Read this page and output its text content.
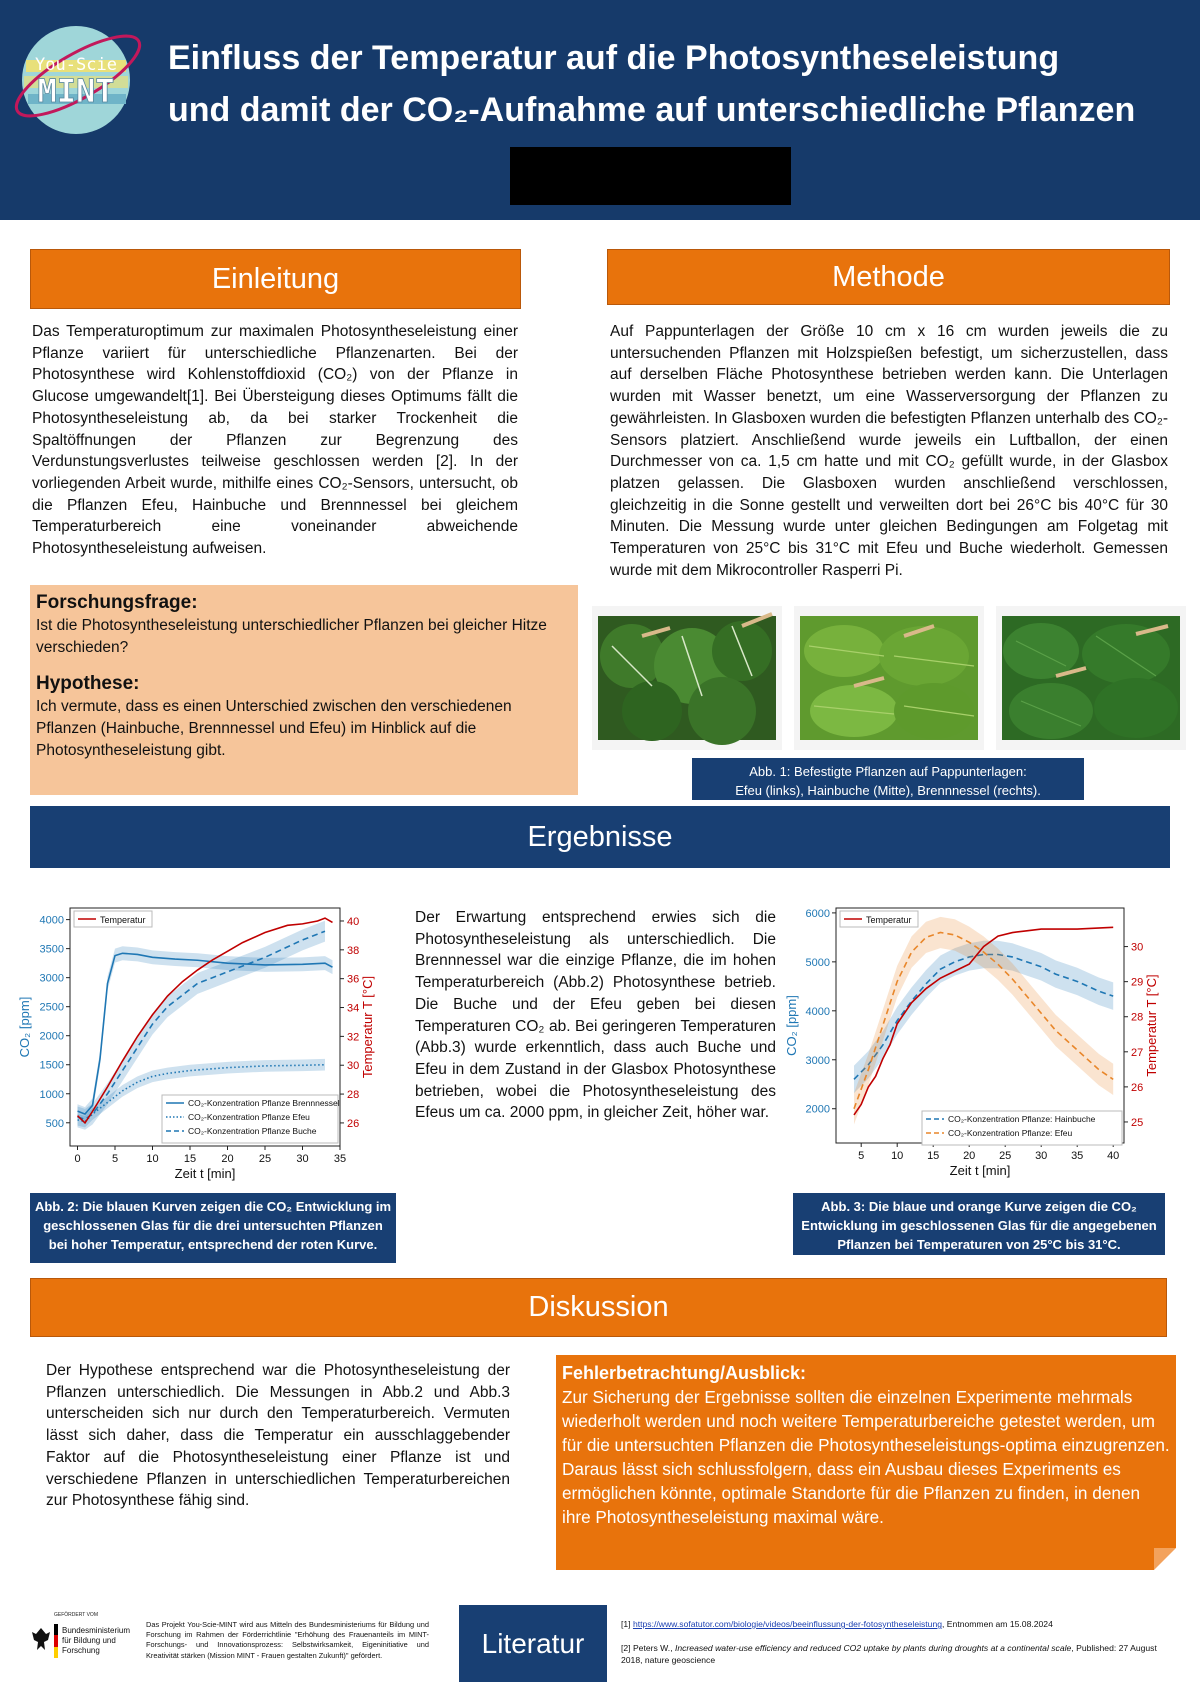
You-Scie
MINT
Einfluss der Temperatur auf die Photosyntheseleistung
und damit der CO₂-Aufnahme auf unterschiedliche Pflanzen
Einleitung
Das Temperaturoptimum zur maximalen Photosyntheseleistung einer Pflanze variiert für unterschiedliche Pflanzenarten. Bei der Photosynthese wird Kohlenstoffdioxid (CO₂) von der Pflanze in Glucose umgewandelt[1]. Bei Übersteigung dieses Optimums fällt die Photosyntheseleistung ab, da bei starker Trockenheit die Spaltöffnungen der Pflanzen zur Begrenzung des Verdunstungsverlustes teilweise geschlossen werden [2]. In der vorliegenden Arbeit wurde, mithilfe eines CO₂-Sensors, untersucht, ob die Pflanzen Efeu, Hainbuche und Brennnessel bei gleichem Temperaturbereich eine voneinander abweichende Photosyntheseleistung aufweisen.
Forschungsfrage:
Ist die Photosyntheseleistung unterschiedlicher Pflanzen bei gleicher Hitze verschieden?
Hypothese:
Ich vermute, dass es einen Unterschied zwischen den verschiedenen Pflanzen (Hainbuche, Brennnessel und Efeu) im Hinblick auf die Photosyntheseleistung gibt.
Methode
Auf Pappunterlagen der Größe 10 cm x 16 cm wurden jeweils die zu untersuchenden Pflanzen mit Holzspießen befestigt, um sicherzustellen, dass auf derselben Fläche Photosynthese betrieben werden kann. Die Unterlagen wurden mit Wasser benetzt, um eine Wasserversorgung der Pflanzen zu gewährleisten. In Glasboxen wurden die befestigten Pflanzen unterhalb des CO₂-Sensors platziert. Anschließend wurde jeweils ein Luftballon, der einen Durchmesser von ca. 1,5 cm hatte und mit CO₂ gefüllt wurde, in der Glasbox platzen gelassen. Die Glasboxen wurden anschließend verschlossen, gleichzeitig in die Sonne gestellt und verweilten dort bei 26°C bis 40°C für 30 Minuten. Die Messung wurde unter gleichen Bedingungen am Folgetag mit Temperaturen von 25°C bis 31°C mit Efeu und Buche wiederholt. Gemessen wurde mit dem Mikrocontroller Rasperri Pi.
Abb. 1: Befestigte Pflanzen auf Pappunterlagen:
Efeu (links), Hainbuche (Mitte), Brennnessel (rechts).
Ergebnisse
0	5	10 15 20 25 30 35
500
1000
1500
2000
2500
3000
3500
4000
26
28
30
32
34
36
38
40
Zeit t [min]
CO₂ [ppm]	Temperatur T [°C]
Temperatur
CO₂-Konzentration Pflanze Brennnessel
CO₂-Konzentration Pflanze Efeu
CO₂-Konzentration Pflanze Buche
Der Erwartung entsprechend erwies sich die Photosyntheseleistung als unterschiedlich. Die Brennnessel war die einzige Pflanze, die im hohen Temperaturbereich (Abb.2) Photosynthese betrieb. Die Buche und der Efeu geben bei diesen Temperaturen CO₂ ab. Bei geringeren Temperaturen (Abb.3) wurde erkenntlich, dass auch Buche und Efeu in dem Zustand in der Glasbox Photosynthese betrieben, wobei die Photosyntheseleistung des Efeus um ca. 2000 ppm, in gleicher Zeit, höher war.
5 10 15 20 25 30 35 40
2000
3000
4000
5000
6000
25
26
27
28
29
30
Zeit t [min]
CO₂ [ppm]	Temperatur T [°C]
Temperatur
CO₂-Konzentration Pflanze: Hainbuche
CO₂-Konzentration Pflanze: Efeu
Abb. 2: Die blauen Kurven zeigen die CO₂ Entwicklung im geschlossenen Glas für die drei untersuchten Pflanzen bei hoher Temperatur, entsprechend der roten Kurve.
Abb. 3: Die blaue und orange Kurve zeigen die CO₂ Entwicklung im geschlossenen Glas für die angegebenen Pflanzen bei Temperaturen von 25°C bis 31°C.
Diskussion
Der Hypothese entsprechend war die Photosyntheseleistung der Pflanzen unterschiedlich. Die Messungen in Abb.2 und Abb.3 unterscheiden sich nur durch den Temperaturbereich. Vermuten lässt sich daher, dass die Temperatur ein ausschlaggebender Faktor auf die Photosyntheseleistung einer Pflanze ist und verschiedene Pflanzen in unterschiedlichen Temperaturbereichen zur Photosynthese fähig sind.
Fehlerbetrachtung/Ausblick:
Zur Sicherung der Ergebnisse sollten die einzelnen Experimente mehrmals wiederholt werden und noch weitere Temperaturbereiche getestet werden, um für die untersuchten Pflanzen die Photosyntheseleistungs-optima einzugrenzen. Daraus lässt sich schlussfolgern, dass ein Ausbau dieses Experiments es ermöglichen könnte, optimale Standorte für die Pflanzen zu finden, in denen ihre Photosyntheseleistung maximal wäre.
GEFÖRDERT VOM
Bundesministerium für Bildung und Forschung
Das Projekt You-Scie-MINT wird aus Mitteln des Bundesministeriums für Bildung und Forschung im Rahmen der Förderrichtlinie "Erhöhung des Frauenanteils im MINT-Forschungs- und Innovationsprozess: Selbstwirksamkeit, Eigeninitiative und Kreativität stärken (Mission MINT - Frauen gestalten Zukunft)" gefördert.	Literatur
[1] https://www.sofatutor.com/biologie/videos/beeinflussung-der-fotosyntheseleistung, Entnommen am 15.08.2024
[2] Peters W., Increased water-use efficiency and reduced CO2 uptake by plants during droughts at a continental scale, Published: 27 August 2018, nature geoscience
